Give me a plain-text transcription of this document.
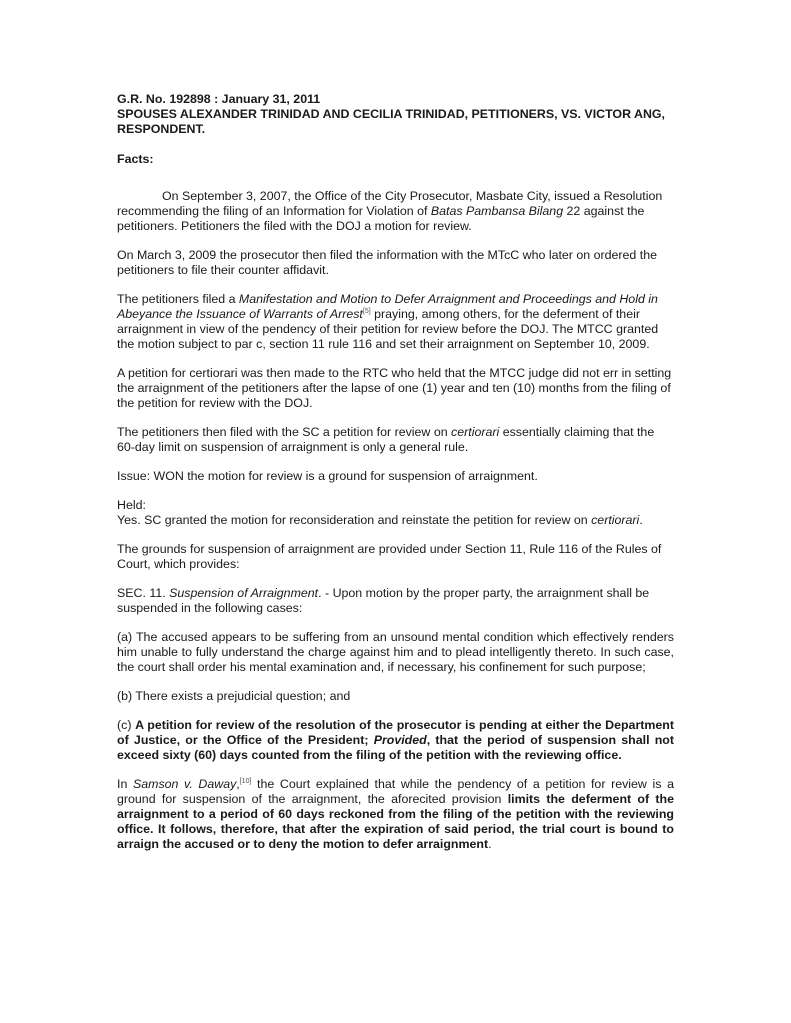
G.R. No. 192898 : January 31, 2011

SPOUSES ALEXANDER TRINIDAD AND CECILIA TRINIDAD, PETITIONERS, VS. VICTOR ANG, RESPONDENT.

Facts:

On September 3, 2007, the Office of the City Prosecutor, Masbate City, issued a Resolution recommending the filing of an Information for Violation of Batas Pambansa Bilang 22 against the petitioners. Petitioners the filed with the DOJ a motion for review.

On March 3, 2009 the prosecutor then filed the information with the MTcC who later on ordered the petitioners to file their counter affidavit.

The petitioners filed a Manifestation and Motion to Defer Arraignment and Proceedings and Hold in Abeyance the Issuance of Warrants of Arrest[5] praying, among others, for the deferment of their arraignment in view of the pendency of their petition for review before the DOJ. The MTCC granted the motion subject to par c, section 11 rule 116 and set their arraignment on September 10, 2009.

A petition for certiorari was then made to the RTC who held that the MTCC judge did not err in setting the arraignment of the petitioners after the lapse of one (1) year and ten (10) months from the filing of the petition for review with the DOJ.

The petitioners then filed with the SC a petition for review on certiorari essentially claiming that the 60-day limit on suspension of arraignment is only a general rule.

Issue: WON the motion for review is a ground for suspension of arraignment.

Held:

Yes. SC granted the motion for reconsideration and reinstate the petition for review on certiorari.

The grounds for suspension of arraignment are provided under Section 11, Rule 116 of the Rules of Court, which provides:

SEC. 11. Suspension of Arraignment. - Upon motion by the proper party, the arraignment shall be suspended in the following cases:

(a) The accused appears to be suffering from an unsound mental condition which effectively renders him unable to fully understand the charge against him and to plead intelligently thereto. In such case, the court shall order his mental examination and, if necessary, his confinement for such purpose;

(b) There exists a prejudicial question; and

(c) A petition for review of the resolution of the prosecutor is pending at either the Department of Justice, or the Office of the President; Provided, that the period of suspension shall not exceed sixty (60) days counted from the filing of the petition with the reviewing office.

In Samson v. Daway,[10] the Court explained that while the pendency of a petition for review is a ground for suspension of the arraignment, the aforecited provision limits the deferment of the arraignment to a period of 60 days reckoned from the filing of the petition with the reviewing office. It follows, therefore, that after the expiration of said period, the trial court is bound to arraign the accused or to deny the motion to defer arraignment.
